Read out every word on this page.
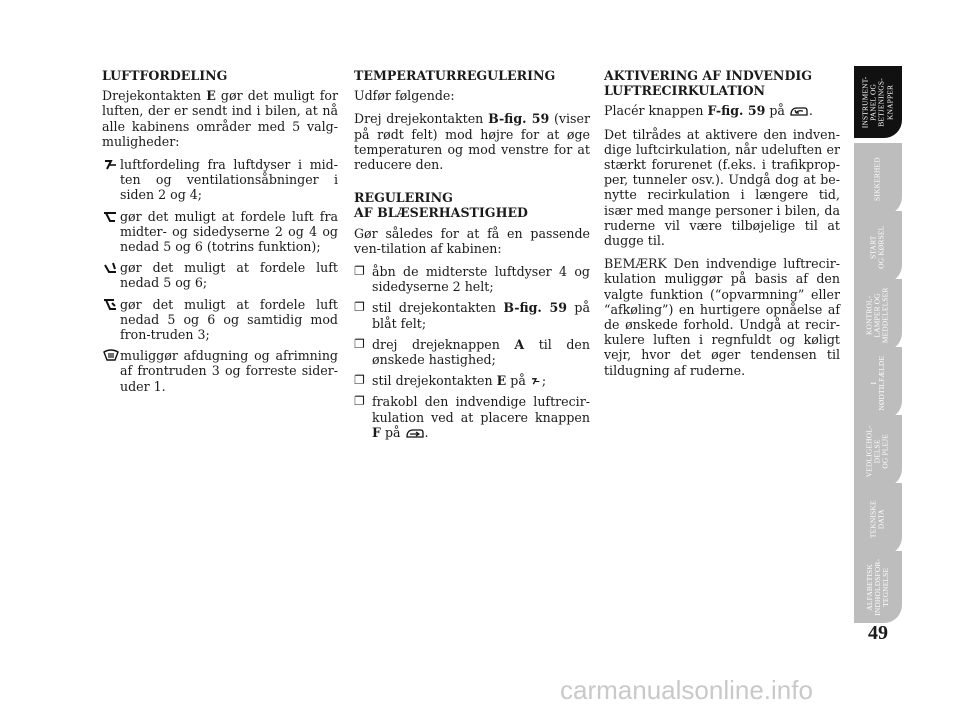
LUFTFORDELING
Drejekontakten E gør det muligt for luften, der er sendt ind i bilen, at nå alle kabinens områder med 5 valg-muligheder:
luftfordeling fra luftdyser i mid-ten og ventilationsåbninger i siden 2 og 4;
gør det muligt at fordele luft fra midter- og sidedyserne 2 og 4 og nedad 5 og 6 (totrins funktion);
gør det muligt at fordele luft nedad 5 og 6;
gør det muligt at fordele luft nedad 5 og 6 og samtidig mod fron-truden 3;
muliggør afdugning og afrimning af frontruden 3 og forreste sider-uder 1.
TEMPERATURREGULERING
Udfør følgende:
Drej drejekontakten B-fig. 59 (viser på rødt felt) mod højre for at øge temperaturen og mod venstre for at reducere den.
REGULERING
AF BLÆSERHASTIGHED
Gør således for at få en passende ven-tilation af kabinen:
❐ åbn de midterste luftdyser 4 og sidedyserne 2 helt;
❐ stil drejekontakten B-fig. 59 på blåt felt;
❐ drej drejeknappen A til den ønskede hastighed;
❐ stil drejekontakten E på ;
❐ frakobl den indvendige luftrecir-kulation ved at placere knappen F på .
AKTIVERING AF INDVENDIG
LUFTRECIRKULATION
Placér knappen F-fig. 59 på .
Det tilrådes at aktivere den indven-dige luftcirkulation, når udeluften er stærkt forurenet (f.eks. i trafikprop-per, tunneler osv.). Undgå dog at be-nytte recirkulation i længere tid, især med mange personer i bilen, da ruderne vil være tilbøjelige til at dugge til.
BEMÆRK Den indvendige luftrecir-kulation muliggør på basis af den valgte funktion (“opvarmning” eller “afkøling”) en hurtigere opnåelse af de ønskede forhold. Undgå at recir-kulere luften i regnfuldt og køligt vejr, hvor det øger tendensen til tildugning af ruderne.
INSTRUMENT-
PANEL OG
BETJENINGS-
KNAPPER
SIKKERHED
START
OG KØRSEL
KONTROL-
LAMPER OG
MEDDELELSER
I
NØDTILFÆLDE
VEDLIGEHOL-
DELSE
OG PLEJE
TEKNISKE
DATA
ALFABETISK
INDHOLDSFOR-
TEGNELSE
49
carmanualsonline.info
